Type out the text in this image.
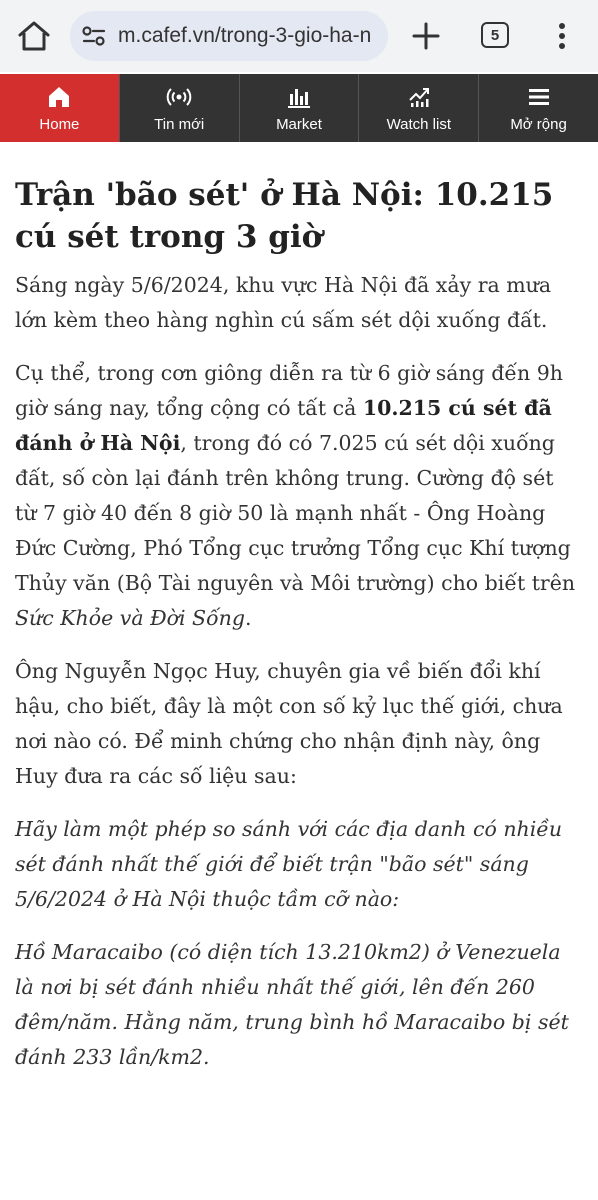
m.cafef.vn/trong-3-gio-ha-n	5
Home	Tin mới	Market	Watch list	Mở rộng
Trận 'bão sét' ở Hà Nội: 10.215 cú sét trong 3 giờ

Sáng ngày 5/6/2024, khu vực Hà Nội đã xảy ra mưa lớn kèm theo hàng nghìn cú sấm sét dội xuống đất.

Cụ thể, trong cơn giông diễn ra từ 6 giờ sáng đến 9h giờ sáng nay, tổng cộng có tất cả 10.215 cú sét đã đánh ở Hà Nội, trong đó có 7.025 cú sét dội xuống đất, số còn lại đánh trên không trung. Cường độ sét từ 7 giờ 40 đến 8 giờ 50 là mạnh nhất - Ông Hoàng Đức Cường, Phó Tổng cục trưởng Tổng cục Khí tượng Thủy văn (Bộ Tài nguyên và Môi trường) cho biết trên Sức Khỏe và Đời Sống.

Ông Nguyễn Ngọc Huy, chuyên gia về biến đổi khí hậu, cho biết, đây là một con số kỷ lục thế giới, chưa nơi nào có. Để minh chứng cho nhận định này, ông Huy đưa ra các số liệu sau:

Hãy làm một phép so sánh với các địa danh có nhiều sét đánh nhất thế giới để biết trận "bão sét" sáng 5/6/2024 ở Hà Nội thuộc tầm cỡ nào:

Hồ Maracaibo (có diện tích 13.210km2) ở Venezuela là nơi bị sét đánh nhiều nhất thế giới, lên đến 260 đêm/năm. Hằng năm, trung bình hồ Maracaibo bị sét đánh 233 lần/km2.
